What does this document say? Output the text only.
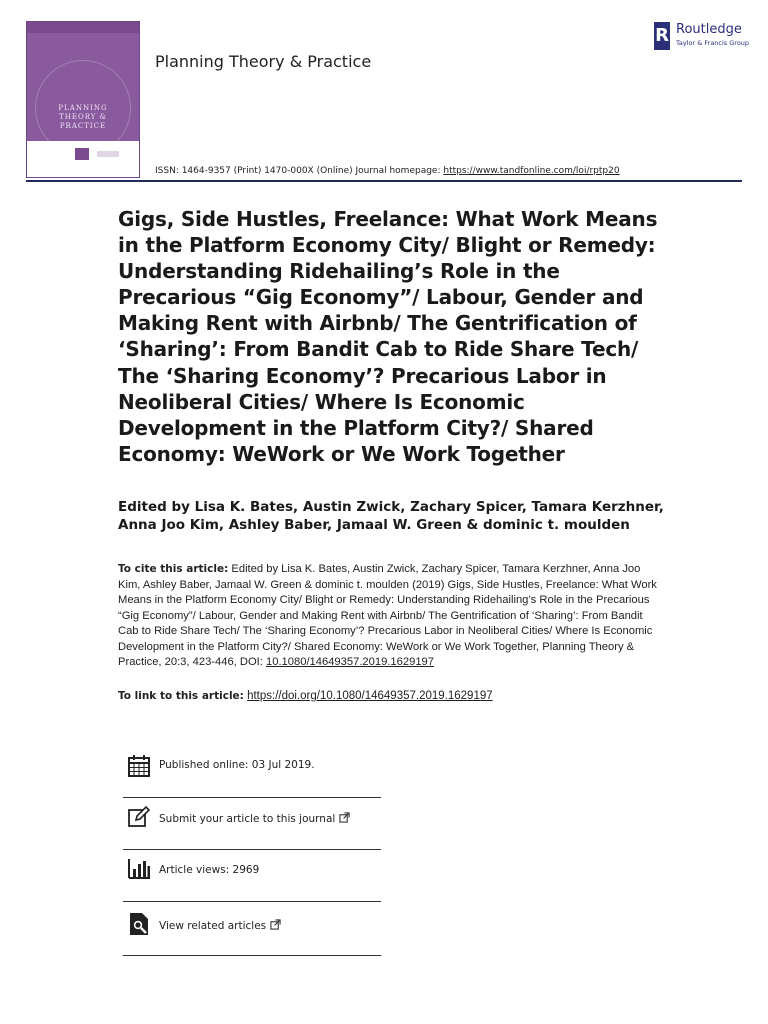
PLANNING
THEORY &
PRACTICE
Planning Theory & Practice
R Routledge
Taylor & Francis Group
ISSN: 1464-9357 (Print) 1470-000X (Online) Journal homepage: https://www.tandfonline.com/loi/rptp20
Gigs, Side Hustles, Freelance: What Work Means in the Platform Economy City/ Blight or Remedy: Understanding Ridehailing’s Role in the Precarious “Gig Economy”/ Labour, Gender and Making Rent with Airbnb/ The Gentrification of ‘Sharing’: From Bandit Cab to Ride Share Tech/ The ‘Sharing Economy’? Precarious Labor in Neoliberal Cities/ Where Is Economic Development in the Platform City?/ Shared Economy: WeWork or We Work Together
Edited by Lisa K. Bates, Austin Zwick, Zachary Spicer, Tamara Kerzhner, Anna Joo Kim, Ashley Baber, Jamaal W. Green & dominic t. moulden
To cite this article: Edited by Lisa K. Bates, Austin Zwick, Zachary Spicer, Tamara Kerzhner, Anna Joo Kim, Ashley Baber, Jamaal W. Green & dominic t. moulden (2019) Gigs, Side Hustles, Freelance: What Work Means in the Platform Economy City/ Blight or Remedy: Understanding Ridehailing’s Role in the Precarious “Gig Economy”/ Labour, Gender and Making Rent with Airbnb/ The Gentrification of ‘Sharing’: From Bandit Cab to Ride Share Tech/ The ‘Sharing Economy’? Precarious Labor in Neoliberal Cities/ Where Is Economic Development in the Platform City?/ Shared Economy: WeWork or We Work Together, Planning Theory & Practice, 20:3, 423-446, DOI: 10.1080/14649357.2019.1629197
To link to this article: https://doi.org/10.1080/14649357.2019.1629197
Published online: 03 Jul 2019.
Submit your article to this journal
Article views: 2969
View related articles
